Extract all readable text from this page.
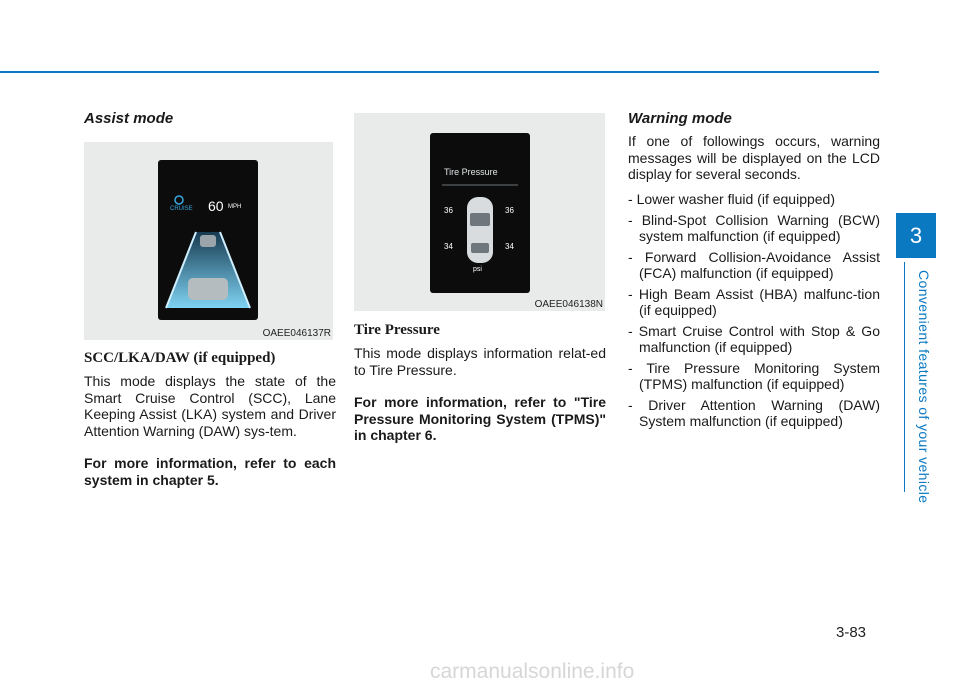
3
Convenient features of your vehicle
Assist mode
CRUISE 60 MPH
OAEE046137R
SCC/LKA/DAW (if equipped)

This mode displays the state of the Smart Cruise Control (SCC), Lane Keeping Assist (LKA) system and Driver Attention Warning (DAW) sys-tem.

For more information, refer to each system in chapter 5.

Tire Pressure
36	36
34	34
psi
OAEE046138N
Tire Pressure

This mode displays information relat-ed to Tire Pressure.

For more information, refer to "Tire Pressure Monitoring System (TPMS)" in chapter 6.

Warning mode

If one of followings occurs, warning messages will be displayed on the LCD display for several seconds.

- Lower washer fluid (if equipped)
- Blind-Spot Collision Warning (BCW) system malfunction (if equipped)
- Forward Collision-Avoidance Assist (FCA) malfunction (if equipped)
- High Beam Assist (HBA) malfunc-tion (if equipped)
- Smart Cruise Control with Stop & Go malfunction (if equipped)
- Tire Pressure Monitoring System (TPMS) malfunction (if equipped)
- Driver Attention Warning (DAW) System malfunction (if equipped)
3-83
carmanualsonline.info
